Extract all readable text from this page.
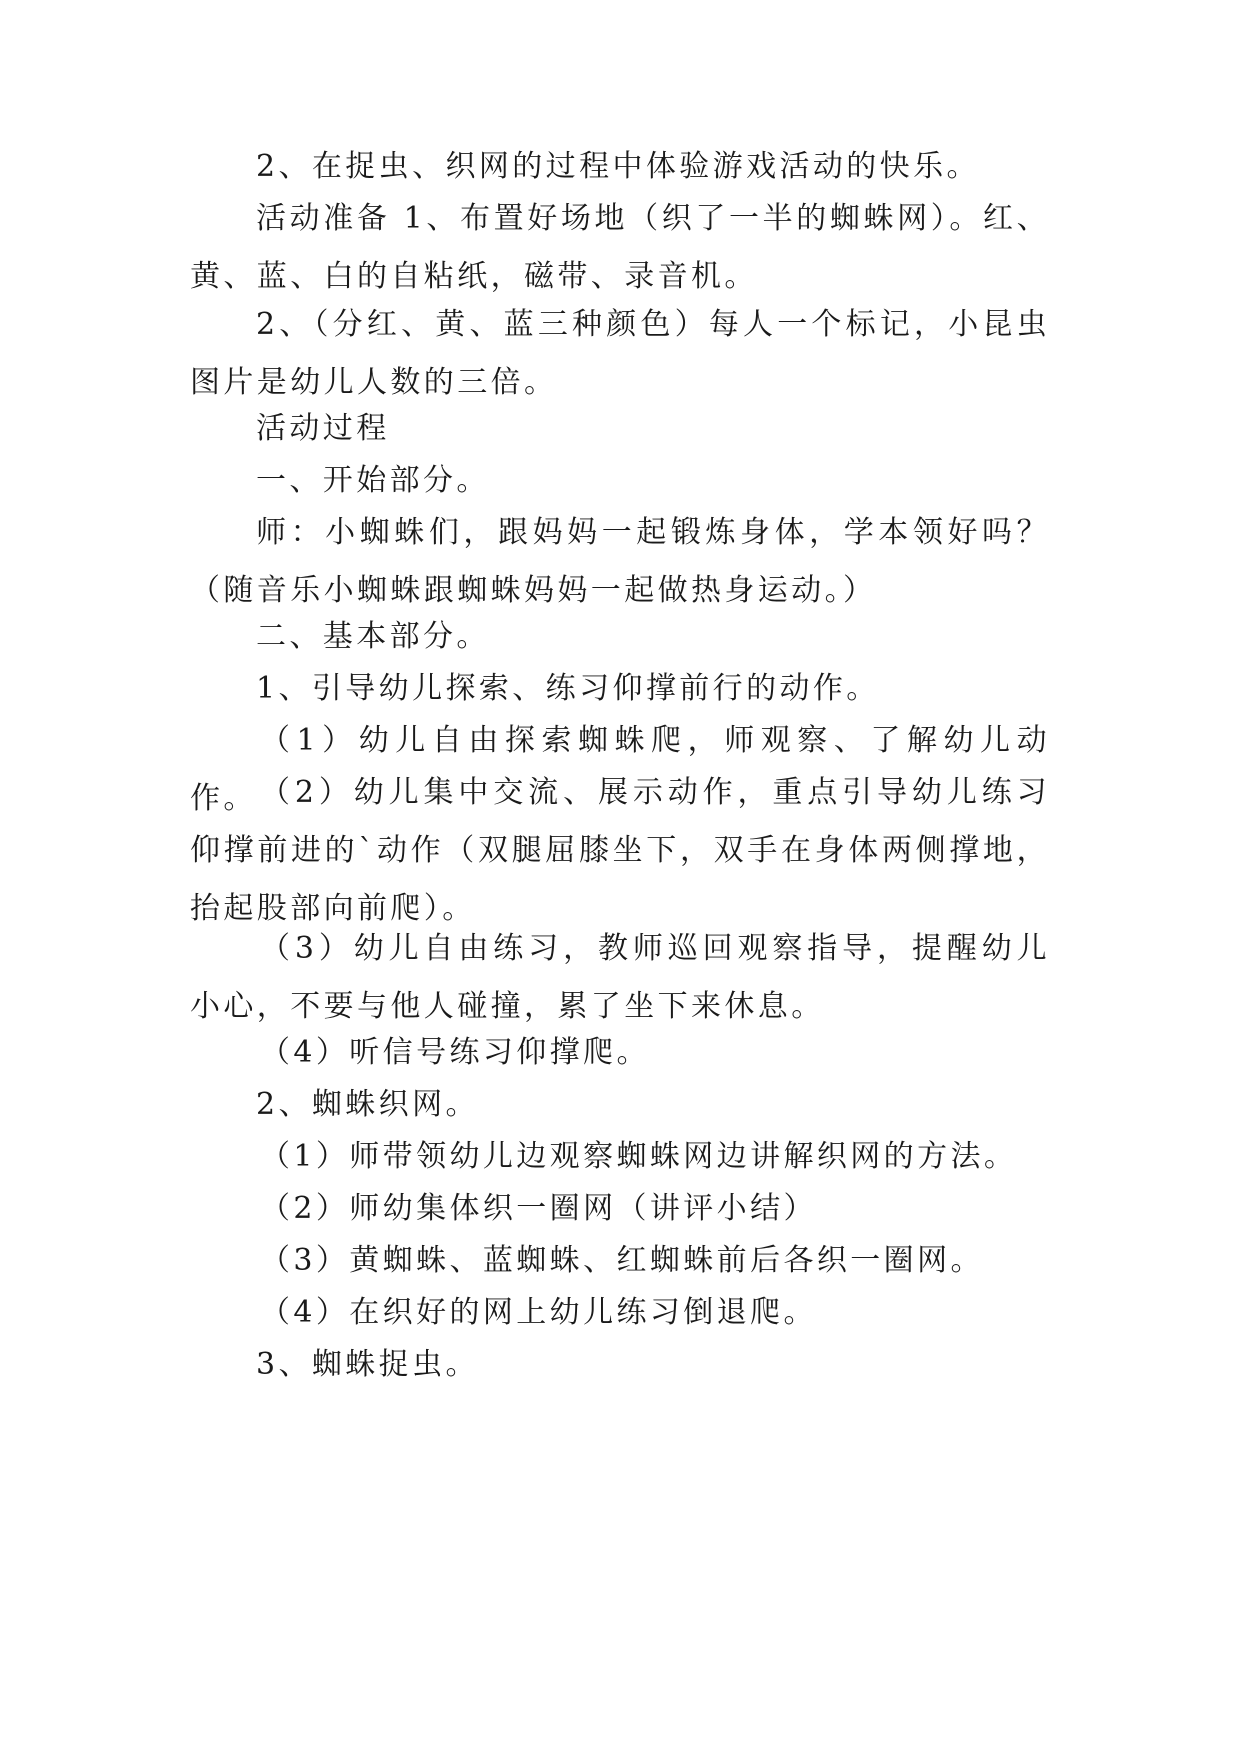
2、在捉虫、织网的过程中体验游戏活动的快乐。

活动准备 1、布置好场地（织了一半的蜘蛛网）。红、黄、蓝、白的自粘纸，磁带、录音机。

2、（分红、黄、蓝三种颜色）每人一个标记，小昆虫图片是幼儿人数的三倍。

活动过程

一、开始部分。

师：小蜘蛛们，跟妈妈一起锻炼身体，学本领好吗？（随音乐小蜘蛛跟蜘蛛妈妈一起做热身运动。）

二、基本部分。

1、引导幼儿探索、练习仰撑前行的动作。

（1）幼儿自由探索蜘蛛爬，师观察、了解幼儿动作。 （2）幼儿集中交流、展示动作，重点引导幼儿练习仰撑前进的`动作（双腿屈膝坐下，双手在身体两侧撑地，抬起股部向前爬）。

（3）幼儿自由练习，教师巡回观察指导，提醒幼儿小心，不要与他人碰撞，累了坐下来休息。

（4）听信号练习仰撑爬。

2、蜘蛛织网。

（1）师带领幼儿边观察蜘蛛网边讲解织网的方法。

（2）师幼集体织一圈网（讲评小结）

（3）黄蜘蛛、蓝蜘蛛、红蜘蛛前后各织一圈网。

（4）在织好的网上幼儿练习倒退爬。

3、蜘蛛捉虫。
